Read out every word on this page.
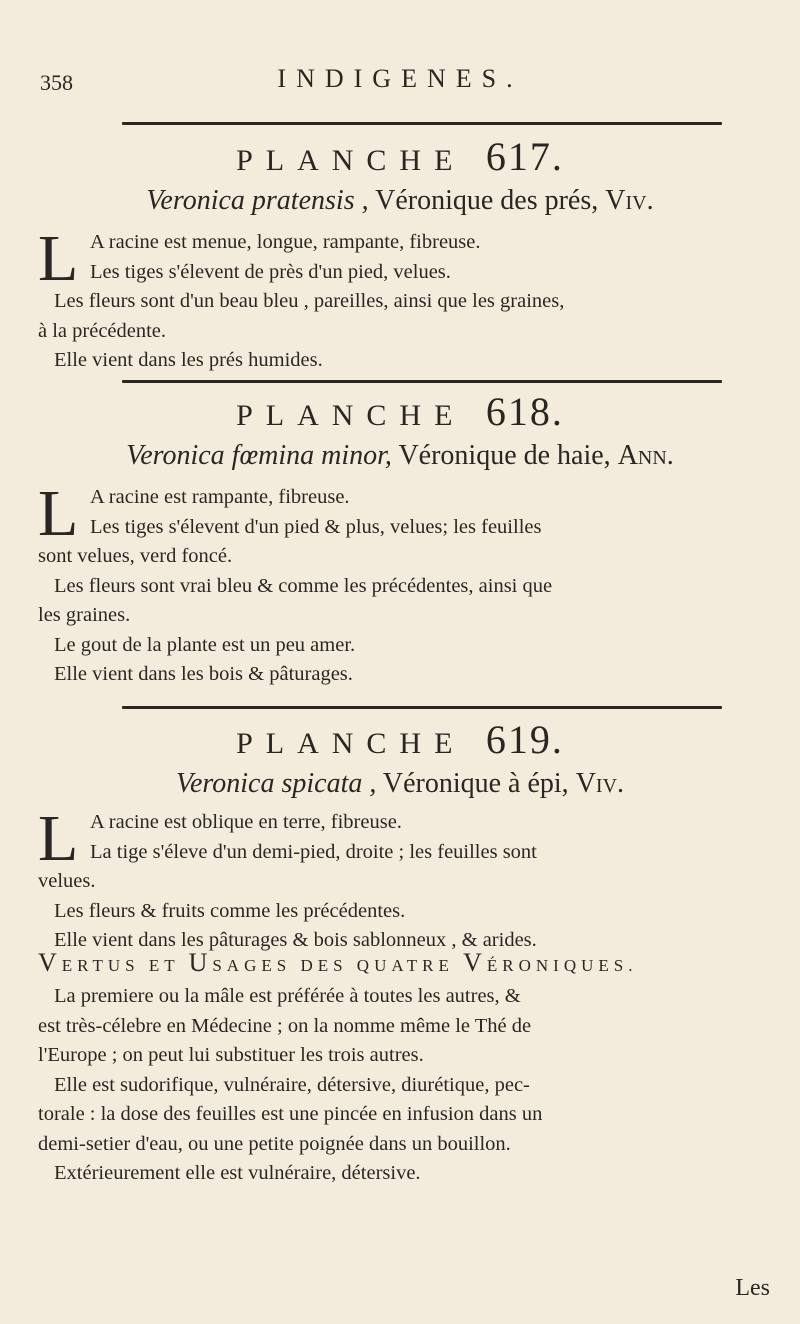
358	INDIGENES.
PLANCHE 617.
Veronica pratensis , Véronique des prés, Viv.
L A racine est menue, longue, rampante, fibreuse.

Les tiges s'élevent de près d'un pied, velues.

Les fleurs sont d'un beau bleu , pareilles, ainsi que les graines,

à la précédente.

Elle vient dans les prés humides.

PLANCHE 618.
Veronica fœmina minor, Véronique de haie, Ann.
L A racine est rampante, fibreuse.

Les tiges s'élevent d'un pied & plus, velues; les feuilles

sont velues, verd foncé.

Les fleurs sont vrai bleu & comme les précédentes, ainsi que

les graines.

Le gout de la plante est un peu amer.

Elle vient dans les bois & pâturages.

PLANCHE 619.
Veronica spicata , Véronique à épi, Viv.
L A racine est oblique en terre, fibreuse.

La tige s'éleve d'un demi-pied, droite ; les feuilles sont

velues.

Les fleurs & fruits comme les précédentes.

Elle vient dans les pâturages & bois sablonneux , & arides.

VERTUS ET USAGES DES QUATRE VÉRONIQUES.

La premiere ou la mâle est préférée à toutes les autres, &

est très-célebre en Médecine ; on la nomme même le Thé de

l'Europe ; on peut lui substituer les trois autres.

Elle est sudorifique, vulnéraire, détersive, diurétique, pec-

torale : la dose des feuilles est une pincée en infusion dans un

demi-setier d'eau, ou une petite poignée dans un bouillon.

Extérieurement elle est vulnéraire, détersive.

Les
